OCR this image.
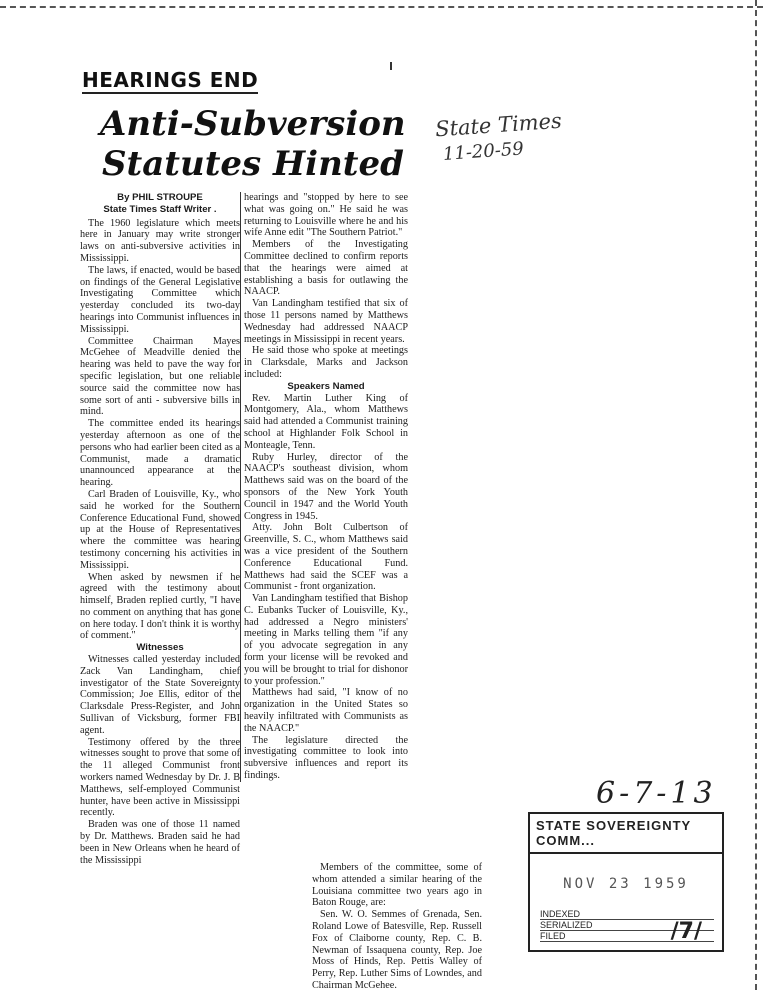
HEARINGS END
Anti-Subversion
Statutes Hinted

By PHIL STROUPE

State Times Staff Writer .

The 1960 legislature which meets here in January may write stronger laws on anti-subversive activities in Mississippi.

The laws, if enacted, would be based on findings of the General Legislative Investigating Committee which yesterday concluded its two-day hearings into Communist influences in Mississippi.

Committee Chairman Mayes McGehee of Meadville denied the hearing was held to pave the way for specific legislation, but one reliable source said the committee now has some sort of anti - subversive bills in mind.

The committee ended its hearings yesterday afternoon as one of the persons who had earlier been cited as a Communist, made a dramatic unannounced appearance at the hearing.

Carl Braden of Louisville, Ky., who said he worked for the Southern Conference Educational Fund, showed up at the House of Representatives where the committee was hearing testimony concerning his activities in Mississippi.

When asked by newsmen if he agreed with the testimony about himself, Braden replied curtly, "I have no comment on anything that has gone on here today. I don't think it is worthy of comment."

Witnesses

Witnesses called yesterday included Zack Van Landingham, chief investigator of the State Sovereignty Commission; Joe Ellis, editor of the Clarksdale Press-Register, and John Sullivan of Vicksburg, former FBI agent.

Testimony offered by the three witnesses sought to prove that some of the 11 alleged Communist front workers named Wednesday by Dr. J. B Matthews, self-employed Communist hunter, have been active in Mississippi recently.

Braden was one of those 11 named by Dr. Matthews. Braden said he had been in New Orleans when he heard of the Mississippi

hearings and "stopped by here to see what was going on." He said he was returning to Louisville where he and his wife Anne edit "The Southern Patriot."

Members of the Investigating Committee declined to confirm reports that the hearings were aimed at establishing a basis for outlawing the NAACP.

Van Landingham testified that six of those 11 persons named by Matthews Wednesday had addressed NAACP meetings in Mississippi in recent years.

He said those who spoke at meetings in Clarksdale, Marks and Jackson included:

Speakers Named

Rev. Martin Luther King of Montgomery, Ala., whom Matthews said had attended a Communist training school at Highlander Folk School in Monteagle, Tenn.

Ruby Hurley, director of the NAACP's southeast division, whom Matthews said was on the board of the sponsors of the New York Youth Council in 1947 and the World Youth Congress in 1945.

Atty. John Bolt Culbertson of Greenville, S. C., whom Matthews said was a vice president of the Southern Conference Educational Fund. Matthews had said the SCEF was a Communist - front organization.

Van Landingham testified that Bishop C. Eubanks Tucker of Louisville, Ky., had addressed a Negro ministers' meeting in Marks telling them "if any of you advocate segregation in any form your license will be revoked and you will be brought to trial for dishonor to your profession."

Matthews had said, "I know of no organization in the United States so heavily infiltrated with Communists as the NAACP."

The legislature directed the investigating committee to look into subversive influences and report its findings.

Members of the committee, some of whom attended a similar hearing of the Louisiana committee two years ago in Baton Rouge, are:

Sen. W. O. Semmes of Grenada, Sen. Roland Lowe of Batesville, Rep. Russell Fox of Claiborne county, Rep. C. B. Newman of Issaquena county, Rep. Joe Moss of Hinds, Rep. Pettis Walley of Perry, Rep. Luther Sims of Lowndes, and Chairman McGehee.

State Times
11-20-59
6-7-13
STATE SOVEREIGNTY COMM...
NOV 23 1959
INDEXED
SERIALIZED
FILED	/7/
